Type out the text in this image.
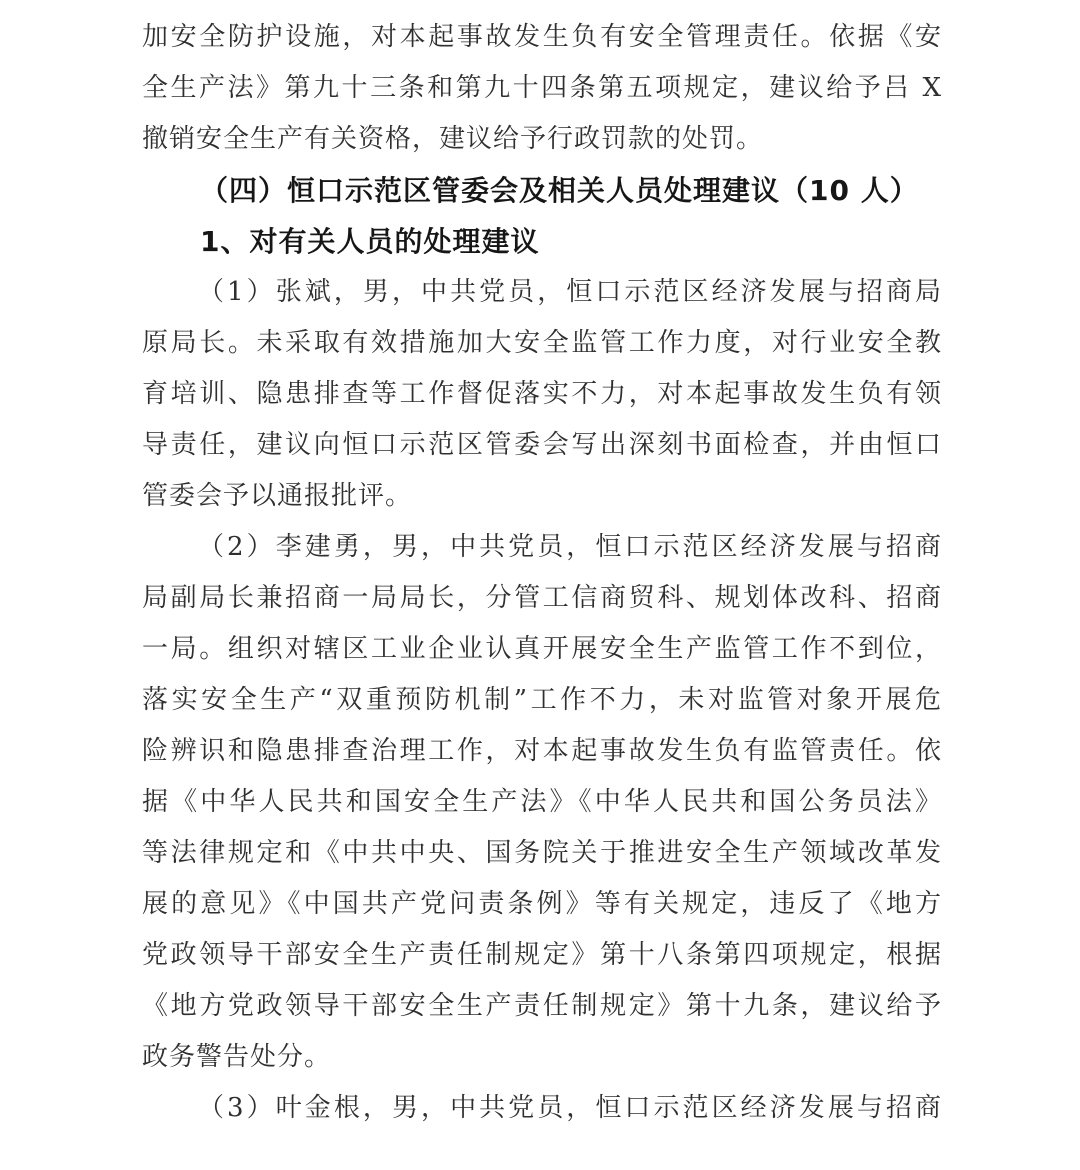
加安全防护设施，对本起事故发生负有安全管理责任。依据《安
全生产法》第九十三条和第九十四条第五项规定，建议给予吕 X
撤销安全生产有关资格，建议给予行政罚款的处罚。
（四）恒口示范区管委会及相关人员处理建议（10 人）
1、对有关人员的处理建议
（1）张斌，男，中共党员，恒口示范区经济发展与招商局
原局长。未采取有效措施加大安全监管工作力度，对行业安全教
育培训、隐患排查等工作督促落实不力，对本起事故发生负有领
导责任，建议向恒口示范区管委会写出深刻书面检查，并由恒口
管委会予以通报批评。
（2）李建勇，男，中共党员，恒口示范区经济发展与招商
局副局长兼招商一局局长，分管工信商贸科、规划体改科、招商
一局。组织对辖区工业企业认真开展安全生产监管工作不到位，
落实安全生产“双重预防机制”工作不力，未对监管对象开展危
险辨识和隐患排查治理工作，对本起事故发生负有监管责任。依
据《中华人民共和国安全生产法》《中华人民共和国公务员法》
等法律规定和《中共中央、国务院关于推进安全生产领域改革发
展的意见》《中国共产党问责条例》等有关规定，违反了《地方
党政领导干部安全生产责任制规定》第十八条第四项规定，根据
《地方党政领导干部安全生产责任制规定》第十九条，建议给予
政务警告处分。
（3）叶金根，男，中共党员，恒口示范区经济发展与招商
